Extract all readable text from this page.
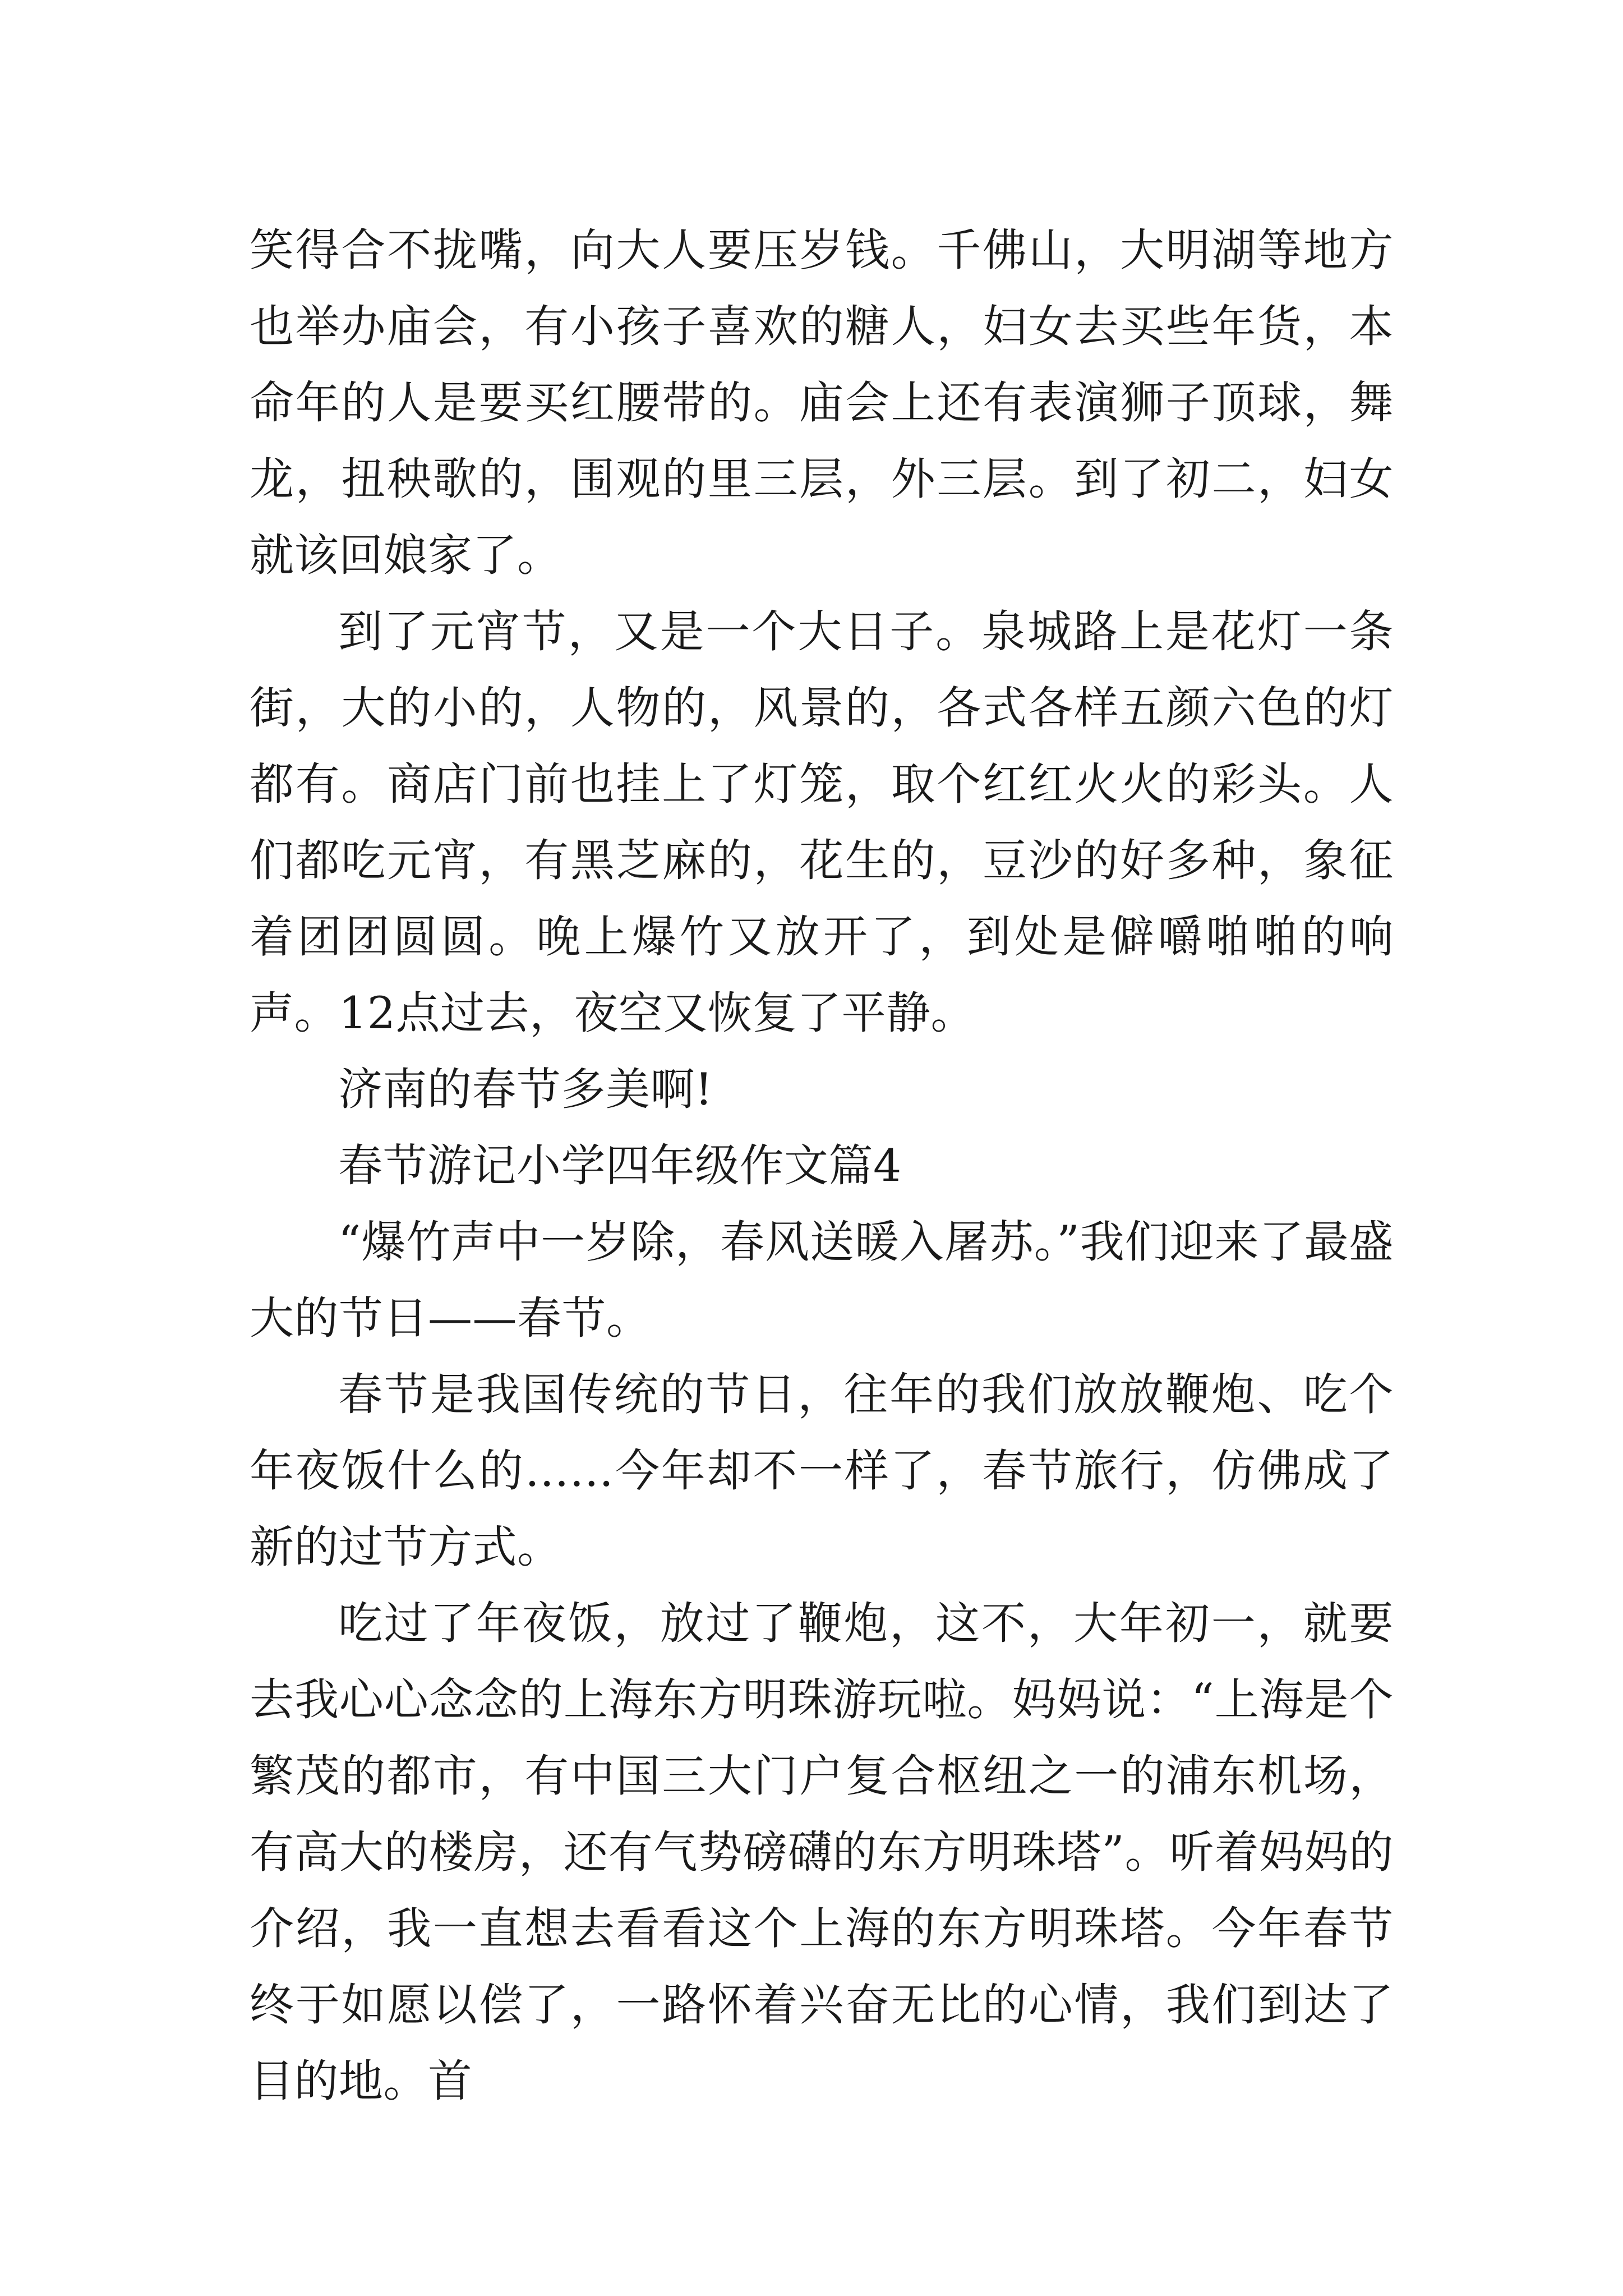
笑得合不拢嘴，向大人要压岁钱。千佛山，大明湖等地方也举办庙会，有小孩子喜欢的糖人，妇女去买些年货，本命年的人是要买红腰带的。庙会上还有表演狮子顶球，舞龙，扭秧歌的，围观的里三层，外三层。到了初二，妇女就该回娘家了。

到了元宵节，又是一个大日子。泉城路上是花灯一条街，大的小的，人物的，风景的，各式各样五颜六色的灯都有。商店门前也挂上了灯笼，取个红红火火的彩头。人们都吃元宵，有黑芝麻的，花生的，豆沙的好多种，象征着团团圆圆。晚上爆竹又放开了，到处是僻嚼啪啪的响声。12点过去，夜空又恢复了平静。

济南的春节多美啊!

春节游记小学四年级作文篇4

“爆竹声中一岁除，春风送暖入屠苏。”我们迎来了最盛大的节日——春节。

春节是我国传统的节日，往年的我们放放鞭炮、吃个年夜饭什么的……今年却不一样了，春节旅行，仿佛成了新的过节方式。

吃过了年夜饭，放过了鞭炮，这不，大年初一，就要去我心心念念的上海东方明珠游玩啦。妈妈说：“上海是个繁茂的都市，有中国三大门户复合枢纽之一的浦东机场，有高大的楼房，还有气势磅礴的东方明珠塔”。听着妈妈的介绍，我一直想去看看这个上海的东方明珠塔。今年春节终于如愿以偿了，一路怀着兴奋无比的心情，我们到达了目的地。首
